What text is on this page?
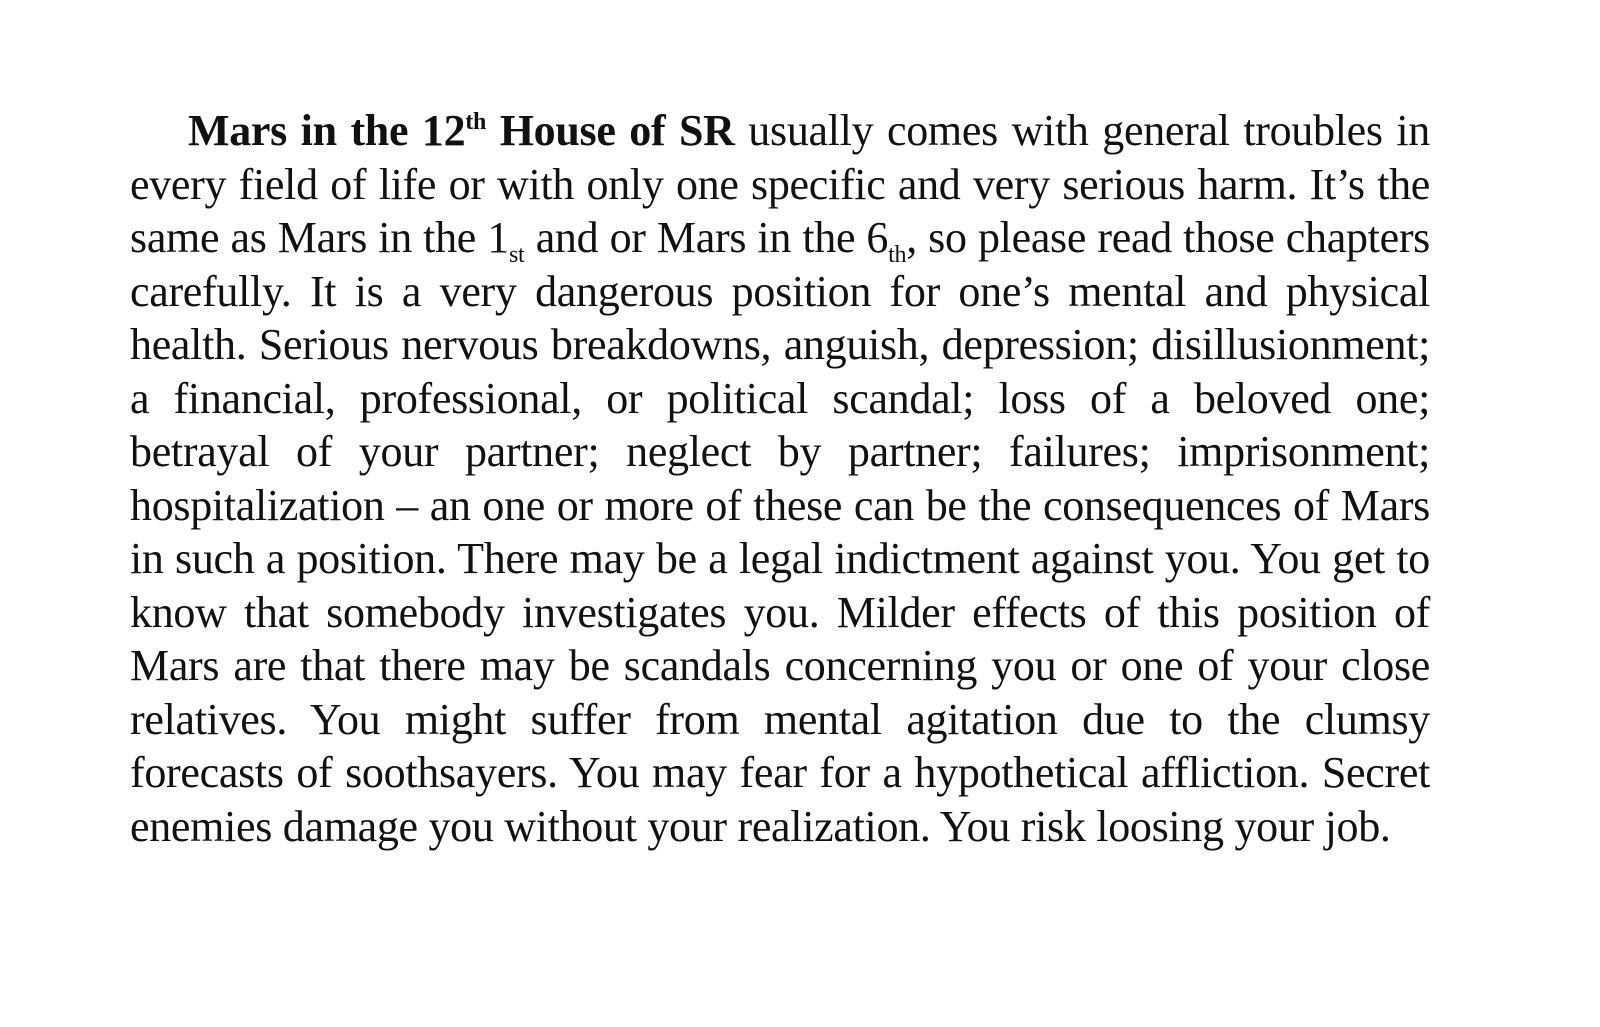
Mars in the 12th House of SR usually comes with general troubles in every field of life or with only one specific and very serious harm. It’s the same as Mars in the $1_{st}$ and or Mars in the $6_{th}$, so please read those chapters carefully. It is a very dangerous position for one’s mental and physical health. Serious nervous breakdowns, anguish, depression; disillusionment; a financial, professional, or political scandal; loss of a beloved one; betrayal of your partner; neglect by partner; failures; imprisonment; hospitalization – an one or more of these can be the consequences of Mars in such a position. There may be a legal indictment against you. You get to know that somebody investigates you. Milder effects of this position of Mars are that there may be scandals concerning you or one of your close relatives. You might suffer from mental agitation due to the clumsy forecasts of soothsayers. You may fear for a hypothetical affliction. Secret enemies damage you without your realization. You risk loosing your job.
